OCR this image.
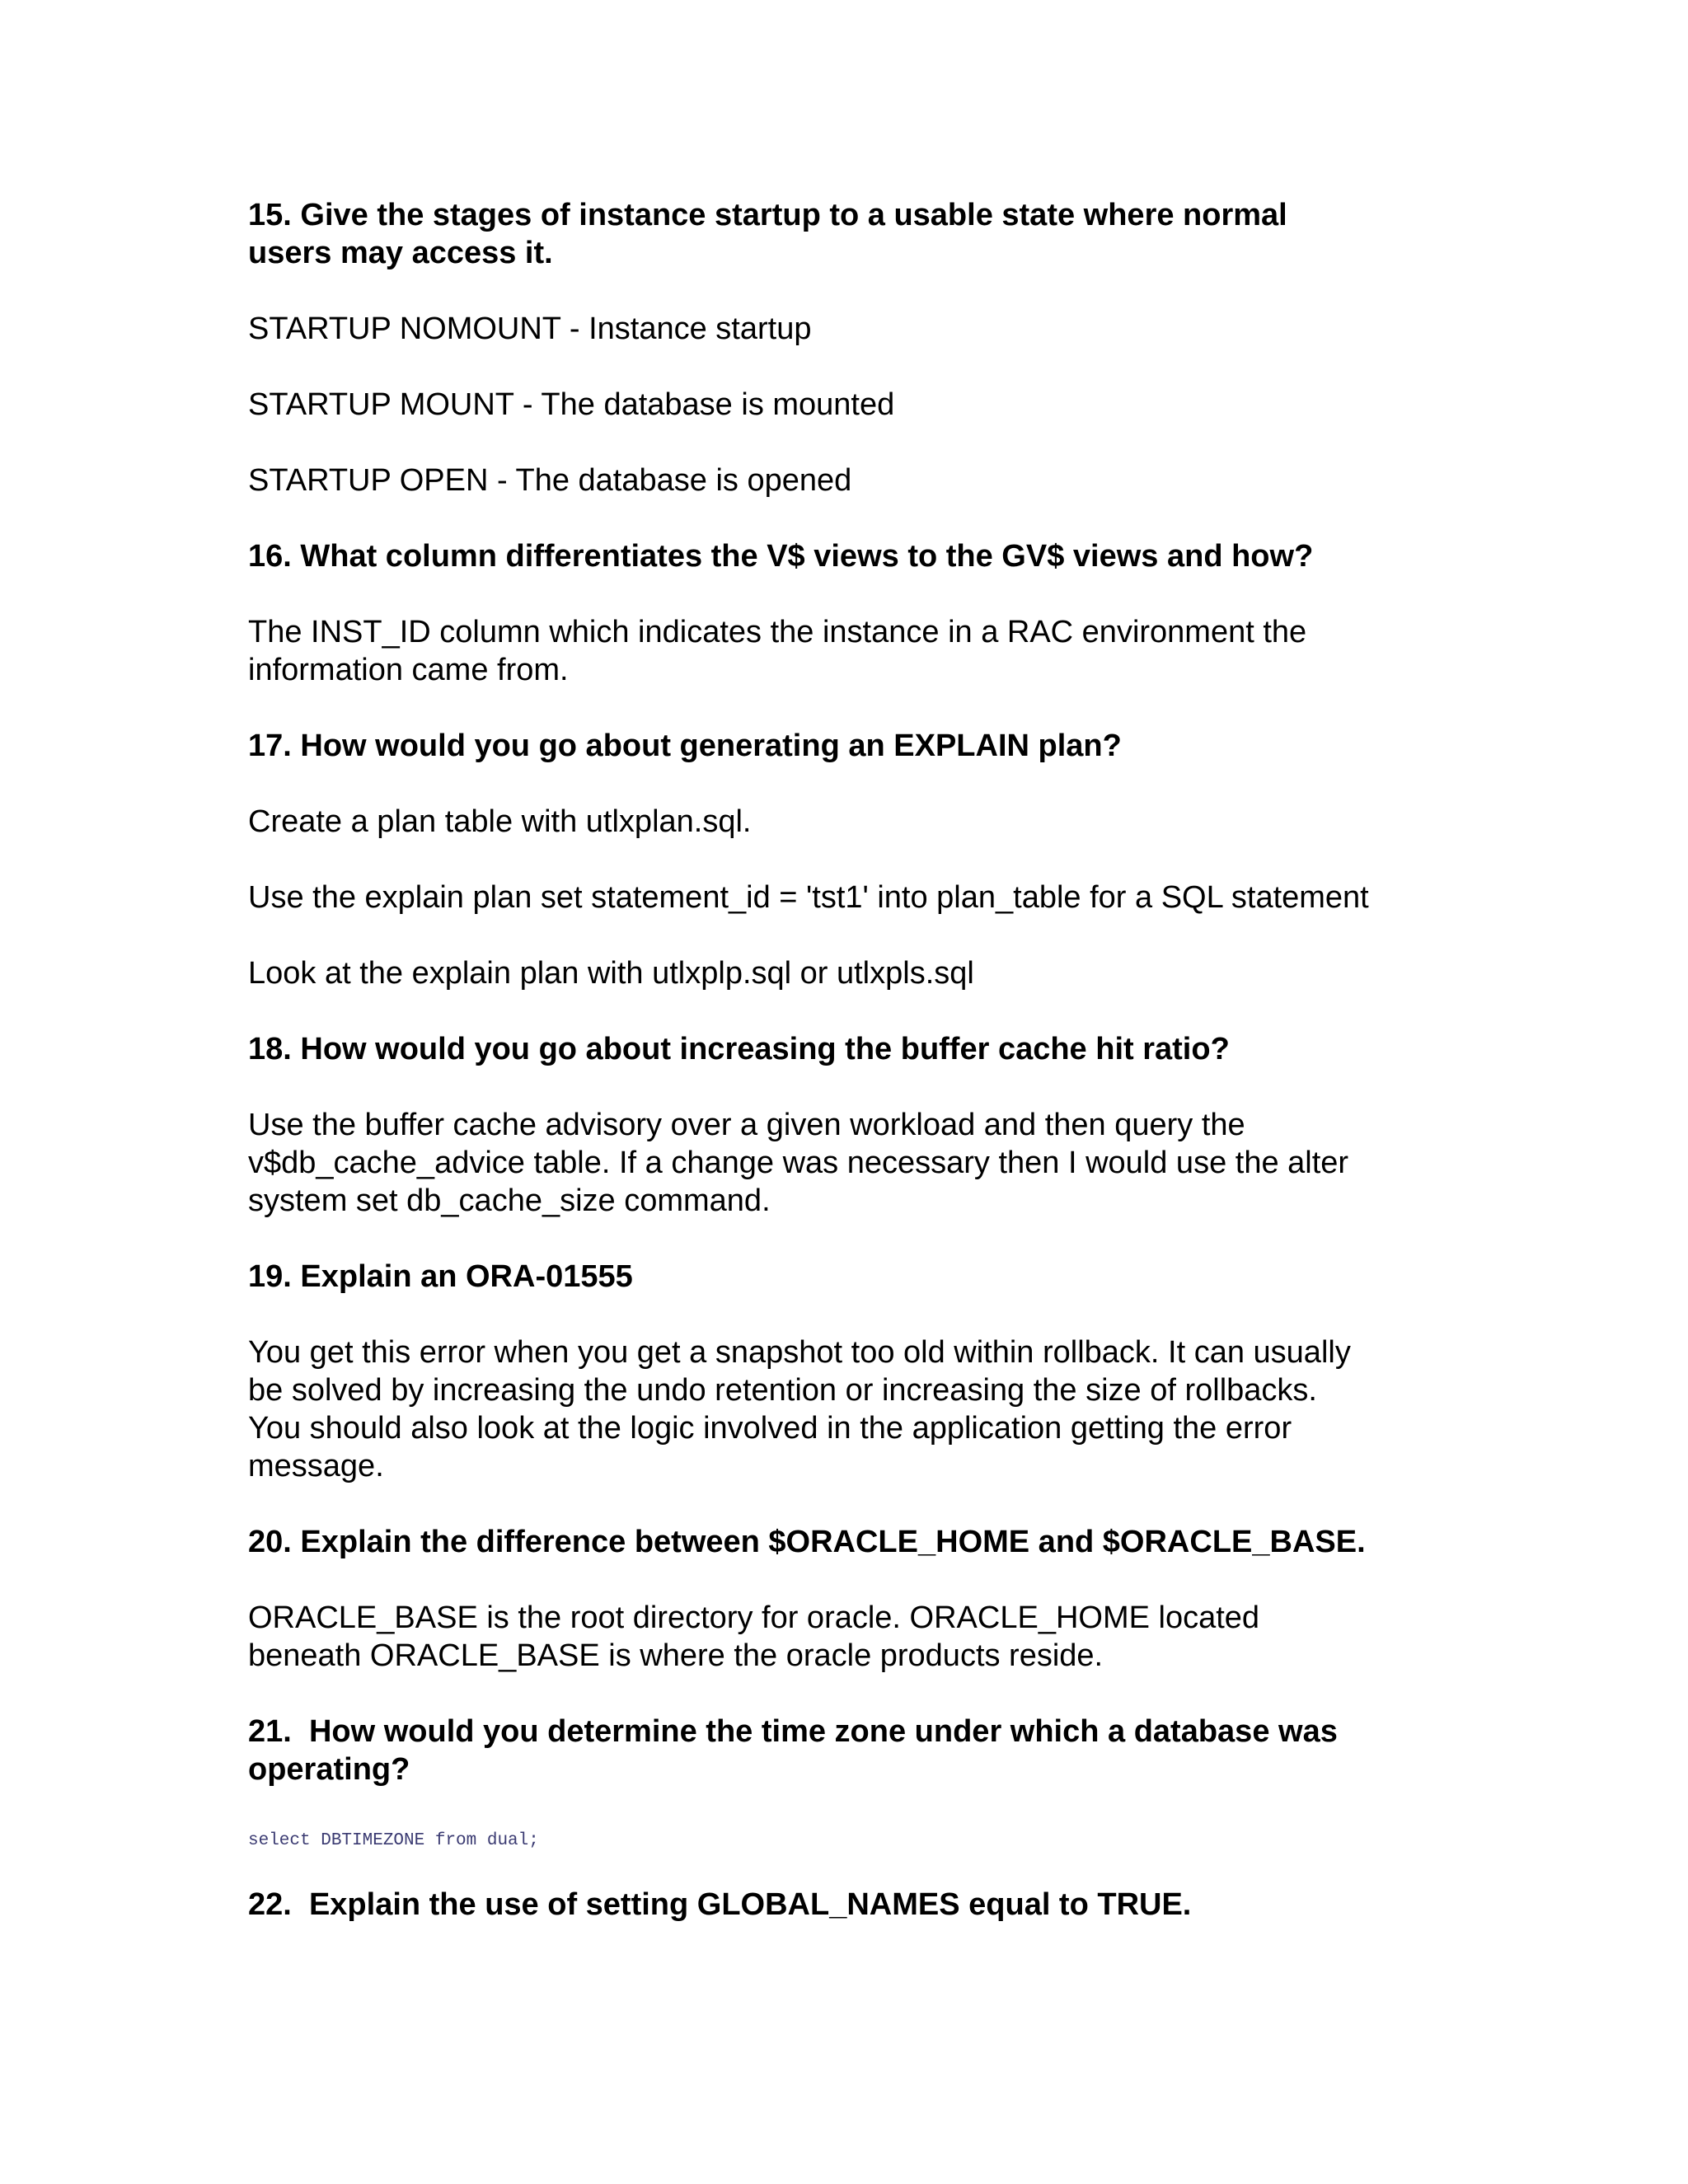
15. Give the stages of instance startup to a usable state where normal
users may access it.

STARTUP NOMOUNT - Instance startup

STARTUP MOUNT - The database is mounted

STARTUP OPEN - The database is opened

16. What column differentiates the V$ views to the GV$ views and how?

The INST_ID column which indicates the instance in a RAC environment the
information came from.

17. How would you go about generating an EXPLAIN plan?

Create a plan table with utlxplan.sql.

Use the explain plan set statement_id = 'tst1' into plan_table for a SQL statement

Look at the explain plan with utlxplp.sql or utlxpls.sql

18. How would you go about increasing the buffer cache hit ratio?

Use the buffer cache advisory over a given workload and then query the
v$db_cache_advice table. If a change was necessary then I would use the alter
system set db_cache_size command.

19. Explain an ORA-01555

You get this error when you get a snapshot too old within rollback. It can usually
be solved by increasing the undo retention or increasing the size of rollbacks.
You should also look at the logic involved in the application getting the error
message.

20. Explain the difference between $ORACLE_HOME and $ORACLE_BASE.

ORACLE_BASE is the root directory for oracle. ORACLE_HOME located
beneath ORACLE_BASE is where the oracle products reside.

21.  How would you determine the time zone under which a database was
operating?

select DBTIMEZONE from dual;

22.  Explain the use of setting GLOBAL_NAMES equal to TRUE.
